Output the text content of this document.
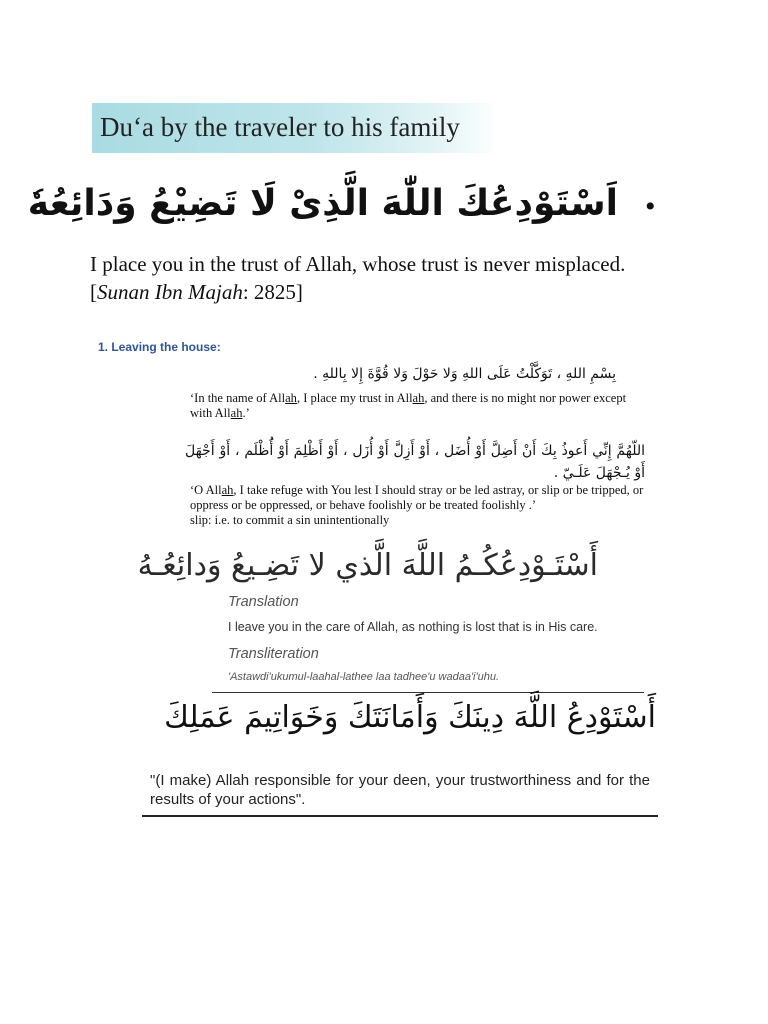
Du‘a by the traveler to his family
•
اَسْتَوْدِعُكَ اللّٰهَ الَّذِىْ لَا تَضِيْعُ وَدَائِعُهٗ
I place you in the trust of Allah, whose trust is never misplaced.
[Sunan Ibn Majah: 2825]
1. Leaving the house:
بِسْمِ اللهِ ، تَوَكَّلْتُ عَلَى اللهِ وَلا حَوْلَ وَلا قُوَّةَ إِلا بِاللهِ .
‘In the name of Allah, I place my trust in Allah, and there is no might nor power except with Allah.’
اللّهُمَّ إِنِّي أَعوذُ بِكَ أَنْ أَضِلَّ أَوْ أُضَل ، أَوْ أَزِلَّ أَوْ أُزَل ، أَوْ أَظْلِمَ أَوْ أَُظْلَم ، أَوْ أَجْهَلَ أَوْ يُـجْهَلَ عَلَـيّ .
‘O Allah, I take refuge with You lest I should stray or be led astray, or slip or be tripped, or oppress or be oppressed, or behave foolishly or be treated foolishly .’
slip: i.e. to commit a sin unintentionally
أَسْتَـوْدِعُكُـمُ اللَّهَ الَّذي لا تَضِـيعُ وَدائِعُـهُ
Translation
I leave you in the care of Allah, as nothing is lost that is in His care.
Transliteration
'Astawdi'ukumul-laahal-lathee laa tadhee'u wadaa'i'uhu.
أَسْتَوْدِعُ اللَّهَ دِينَكَ وَأَمَانَتَكَ وَخَوَاتِيمَ عَمَلِكَ
"(I make) Allah responsible for your deen, your trustworthiness and for the results of your actions".
